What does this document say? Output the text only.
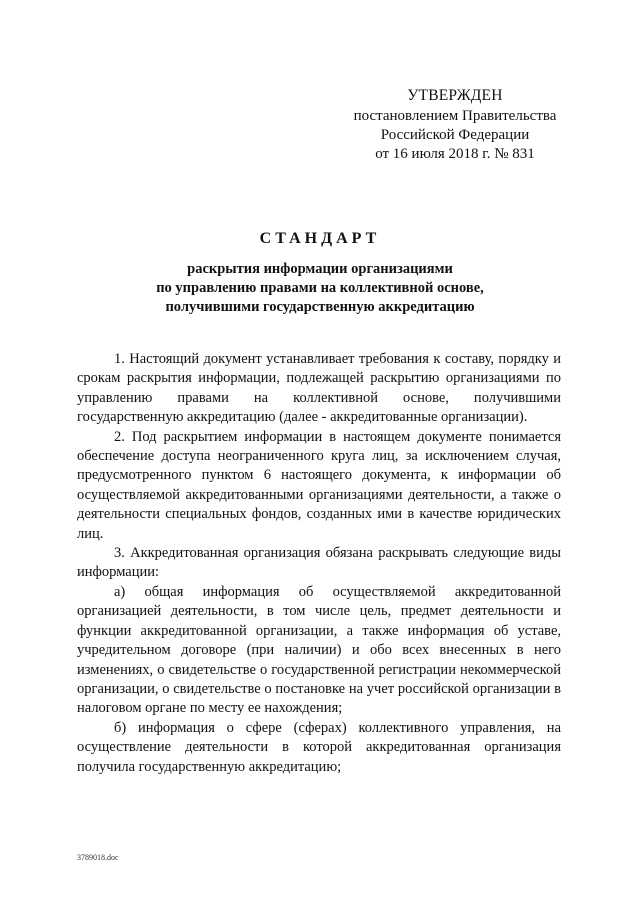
УТВЕРЖДЕН
постановлением Правительства
Российской Федерации
от 16 июля 2018 г. № 831
СТАНДАРТ
раскрытия информации организациями
по управлению правами на коллективной основе,
получившими государственную аккредитацию

1. Настоящий документ устанавливает требования к составу, порядку и срокам раскрытия информации, подлежащей раскрытию организациями по управлению правами на коллективной основе, получившими государственную аккредитацию (далее - аккредитованные организации).

2. Под раскрытием информации в настоящем документе понимается обеспечение доступа неограниченного круга лиц, за исключением случая, предусмотренного пунктом 6 настоящего документа, к информации об осуществляемой аккредитованными организациями деятельности, а также о деятельности специальных фондов, созданных ими в качестве юридических лиц.

3. Аккредитованная организация обязана раскрывать следующие виды информации:

а) общая информация об осуществляемой аккредитованной организацией деятельности, в том числе цель, предмет деятельности и функции аккредитованной организации, а также информация об уставе, учредительном договоре (при наличии) и обо всех внесенных в него изменениях, о свидетельстве о государственной регистрации некоммерческой организации, о свидетельстве о постановке на учет российской организации в налоговом органе по месту ее нахождения;

б) информация о сфере (сферах) коллективного управления, на осуществление деятельности в которой аккредитованная организация получила государственную аккредитацию;

3789018.doc
